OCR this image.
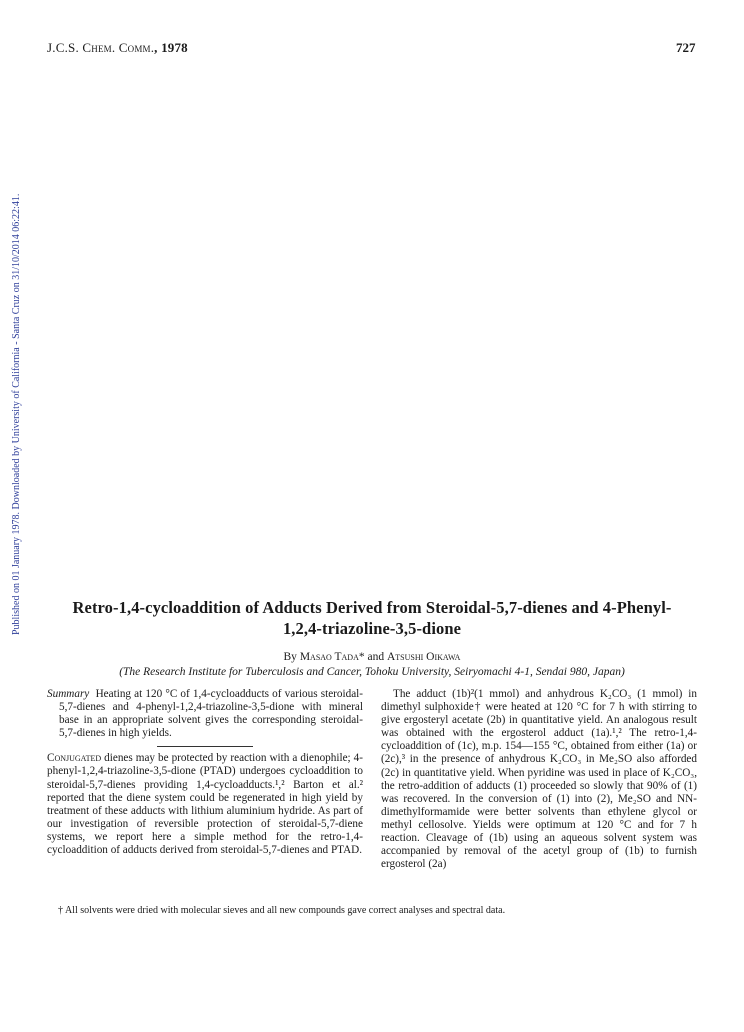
J.C.S. Chem. Comm., 1978	727
Published on 01 January 1978. Downloaded by University of California - Santa Cruz on 31/10/2014 06:22:41.	Retro-1,4-cycloaddition of Adducts Derived from Steroidal-5,7-dienes and 4-Phenyl-1,2,4-triazoline-3,5-dione
By Masao Tada* and Atsushi Oikawa
(The Research Institute for Tuberculosis and Cancer, Tohoku University, Seiryomachi 4-1, Sendai 980, Japan)

Summary Heating at 120 °C of 1,4-cycloadducts of various steroidal-5,7-dienes and 4-phenyl-1,2,4-triazoline-3,5-dione with mineral base in an appropriate solvent gives the corresponding steroidal-5,7-dienes in high yields.

Conjugated dienes may be protected by reaction with a dienophile; 4-phenyl-1,2,4-triazoline-3,5-dione (PTAD) undergoes cycloaddition to steroidal-5,7-dienes providing 1,4-cycloadducts.¹,² Barton et al.² reported that the diene system could be regenerated in high yield by treatment of these adducts with lithium aluminium hydride. As part of our investigation of reversible protection of steroidal-5,7-diene systems, we report here a simple method for the retro-1,4-cycloaddition of adducts derived from steroidal-5,7-dienes and PTAD.

The adduct (1b)²(1 mmol) and anhydrous K₂CO₃ (1 mmol) in dimethyl sulphoxide† were heated at 120 °C for 7 h with stirring to give ergosteryl acetate (2b) in quantitative yield. An analogous result was obtained with the ergosterol adduct (1a).¹,² The retro-1,4-cycloaddition of (1c), m.p. 154—155 °C, obtained from either (1a) or (2c),³ in the presence of anhydrous K₂CO₃ in Me₂SO also afforded (2c) in quantitative yield. When pyridine was used in place of K₂CO₃, the retro-addition of adducts (1) proceeded so slowly that 90% of (1) was recovered. In the conversion of (1) into (2), Me₂SO and NN-dimethylformamide were better solvents than ethylene glycol or methyl cellosolve. Yields were optimum at 120 °C and for 7 h reaction. Cleavage of (1b) using an aqueous solvent system was accompanied by removal of the acetyl group of (1b) to furnish ergosterol (2a)

† All solvents were dried with molecular sieves and all new compounds gave correct analyses and spectral data.
